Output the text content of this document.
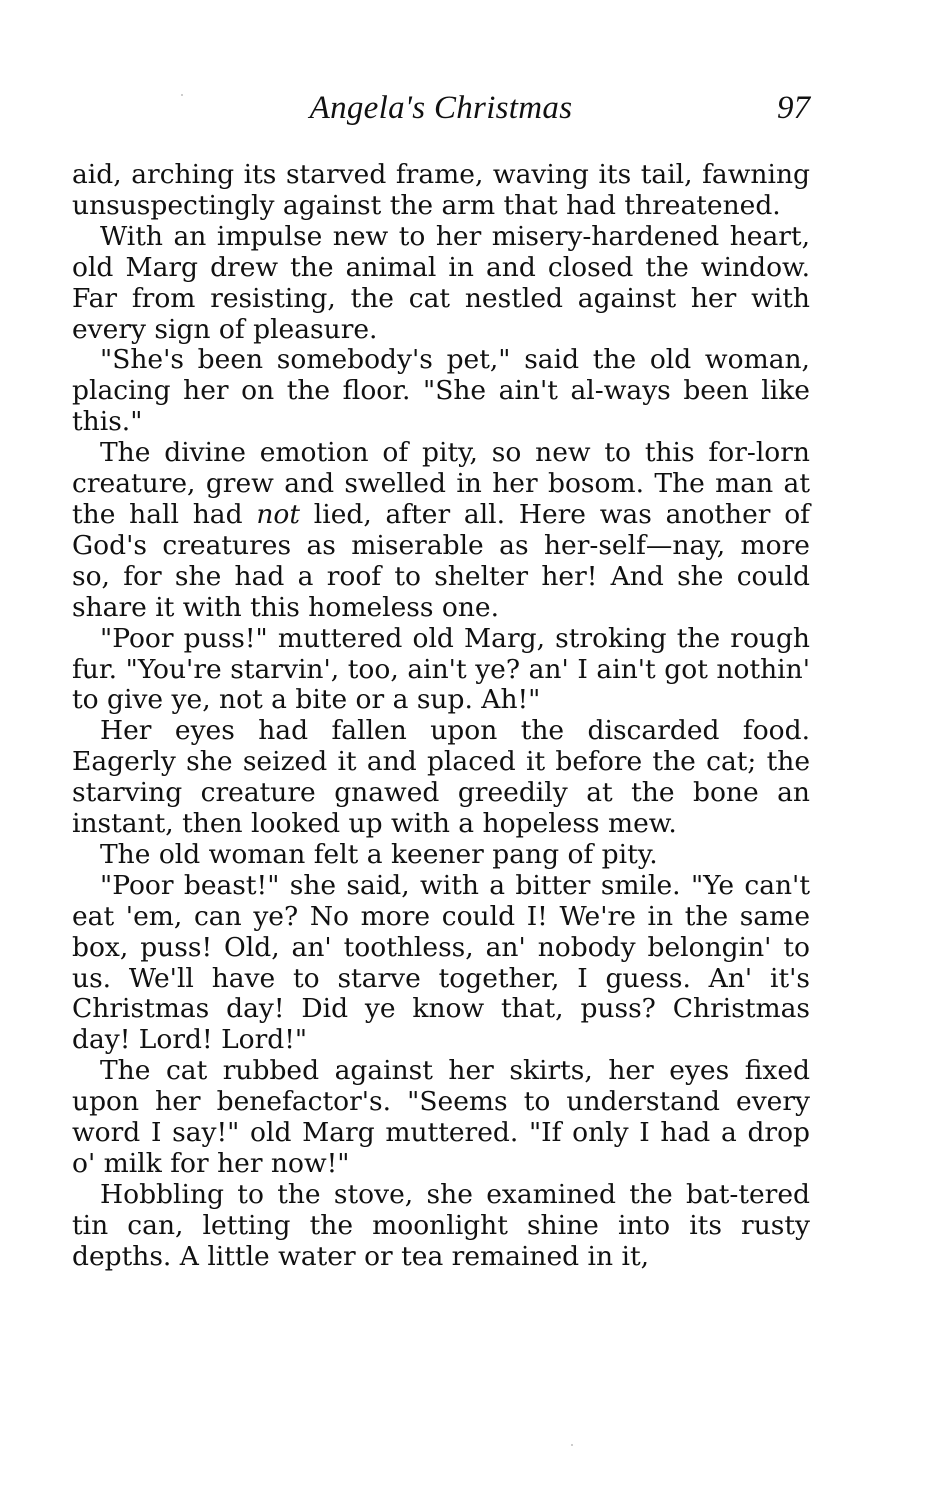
Angela's Christmas	97

aid, arching its starved frame, waving its tail, fawning unsuspectingly against the arm that had threatened.

With an impulse new to her misery-hardened heart, old Marg drew the animal in and closed the window. Far from resisting, the cat nestled against her with every sign of pleasure.

"She's been somebody's pet," said the old woman, placing her on the floor. "She ain't al-ways been like this."

The divine emotion of pity, so new to this for-lorn creature, grew and swelled in her bosom. The man at the hall had not lied, after all. Here was another of God's creatures as miserable as her-self—nay, more so, for she had a roof to shelter her! And she could share it with this homeless one.

"Poor puss!" muttered old Marg, stroking the rough fur. "You're starvin', too, ain't ye? an' I ain't got nothin' to give ye, not a bite or a sup. Ah!"

Her eyes had fallen upon the discarded food. Eagerly she seized it and placed it before the cat; the starving creature gnawed greedily at the bone an instant, then looked up with a hopeless mew.

The old woman felt a keener pang of pity.

"Poor beast!" she said, with a bitter smile. "Ye can't eat 'em, can ye? No more could I! We're in the same box, puss! Old, an' toothless, an' nobody belongin' to us. We'll have to starve together, I guess. An' it's Christmas day! Did ye know that, puss? Christmas day! Lord! Lord!"

The cat rubbed against her skirts, her eyes fixed upon her benefactor's. "Seems to understand every word I say!" old Marg muttered. "If only I had a drop o' milk for her now!"

Hobbling to the stove, she examined the bat-tered tin can, letting the moonlight shine into its rusty depths. A little water or tea remained in it,
